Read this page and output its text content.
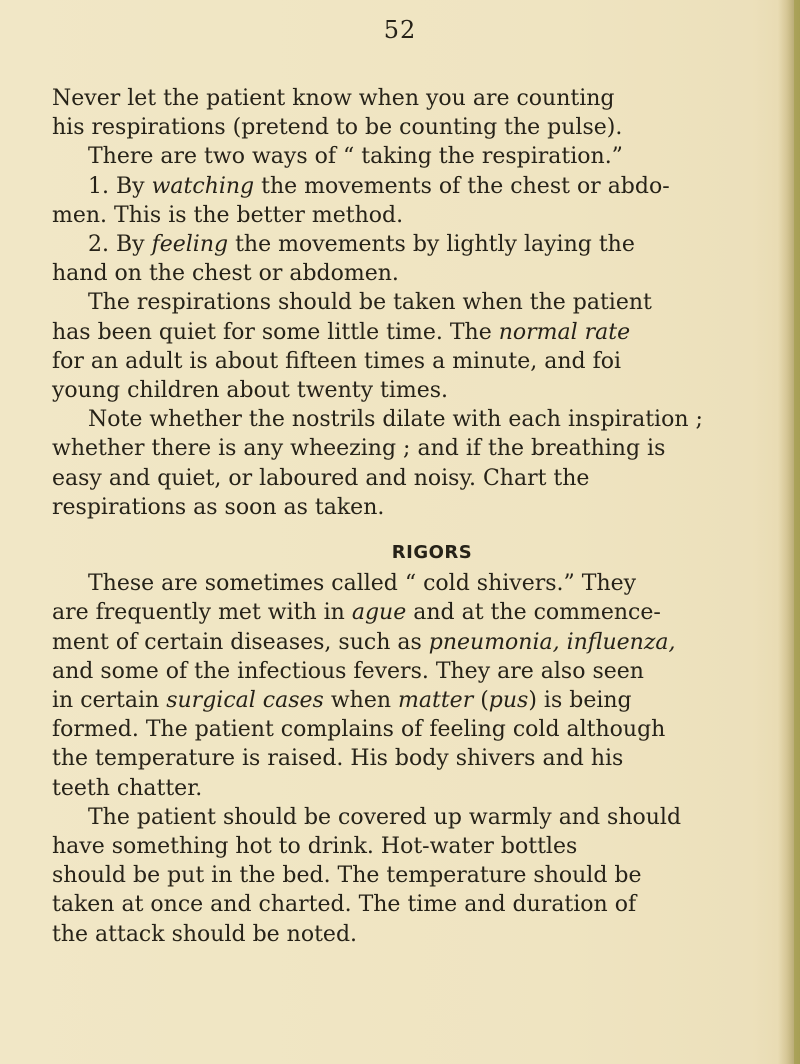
52
Never let the patient know when you are counting
his respirations (pretend to be counting the pulse).
There are two ways of “ taking the respiration.”
1. By watching the movements of the chest or abdo-
men. This is the better method.
2. By feeling the movements by lightly laying the
hand on the chest or abdomen.
The respirations should be taken when the patient
has been quiet for some little time. The normal rate
for an adult is about fifteen times a minute, and foi
young children about twenty times.
Note whether the nostrils dilate with each inspiration ;
whether there is any wheezing ; and if the breathing is
easy and quiet, or laboured and noisy. Chart the
respirations as soon as taken.
RIGORS
These are sometimes called “ cold shivers.” They
are frequently met with in ague and at the commence-
ment of certain diseases, such as pneumonia, influenza,
and some of the infectious fevers. They are also seen
in certain surgical cases when matter (pus) is being
formed. The patient complains of feeling cold although
the temperature is raised. His body shivers and his
teeth chatter.
The patient should be covered up warmly and should
have something hot to drink. Hot-water bottles
should be put in the bed. The temperature should be
taken at once and charted. The time and duration of
the attack should be noted.
